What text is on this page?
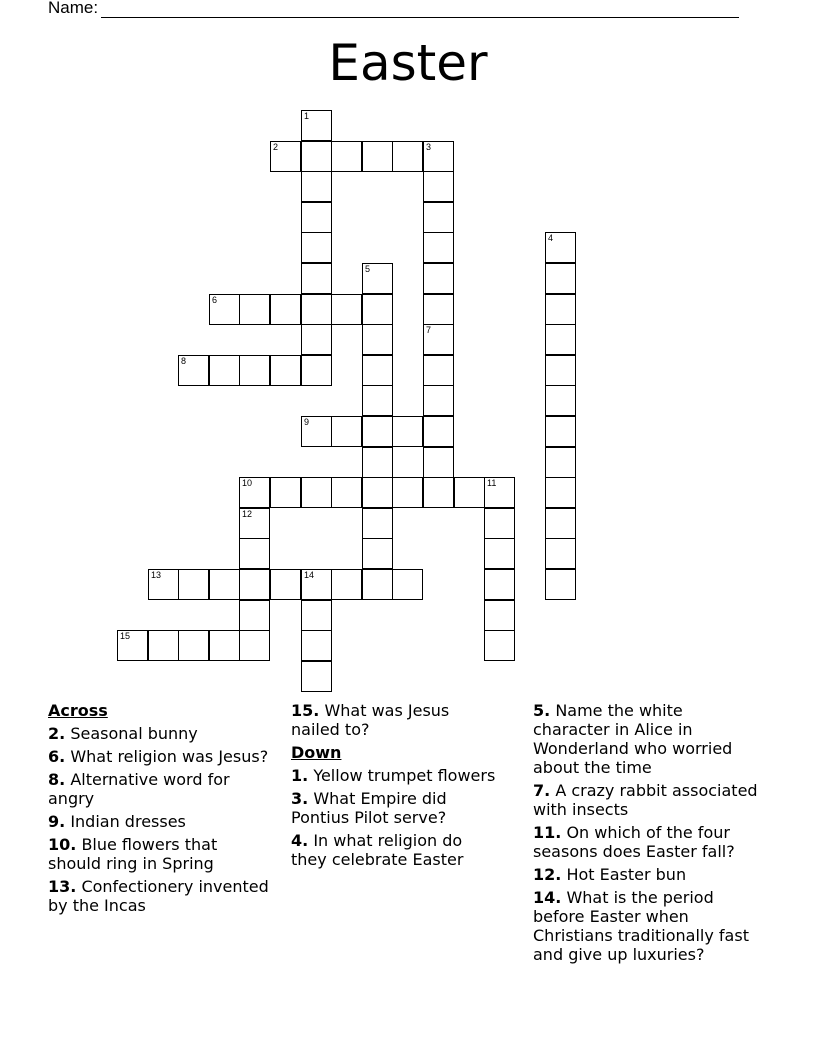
Name:
Easter
1
2	3
4
5
6
7
8
9
10	11
12
13	14
15
Across
2. Seasonal bunny
6. What religion was Jesus?
8. Alternative word for angry
9. Indian dresses
10. Blue flowers that should ring in Spring
13. Confectionery invented by the Incas
15. What was Jesus nailed to?
Down
1. Yellow trumpet flowers
3. What Empire did Pontius Pilot serve?
4. In what religion do they celebrate Easter
5. Name the white character in Alice in Wonderland who worried about the time
7. A crazy rabbit associated with insects
11. On which of the four seasons does Easter fall?
12. Hot Easter bun
14. What is the period before Easter when Christians traditionally fast and give up luxuries?
